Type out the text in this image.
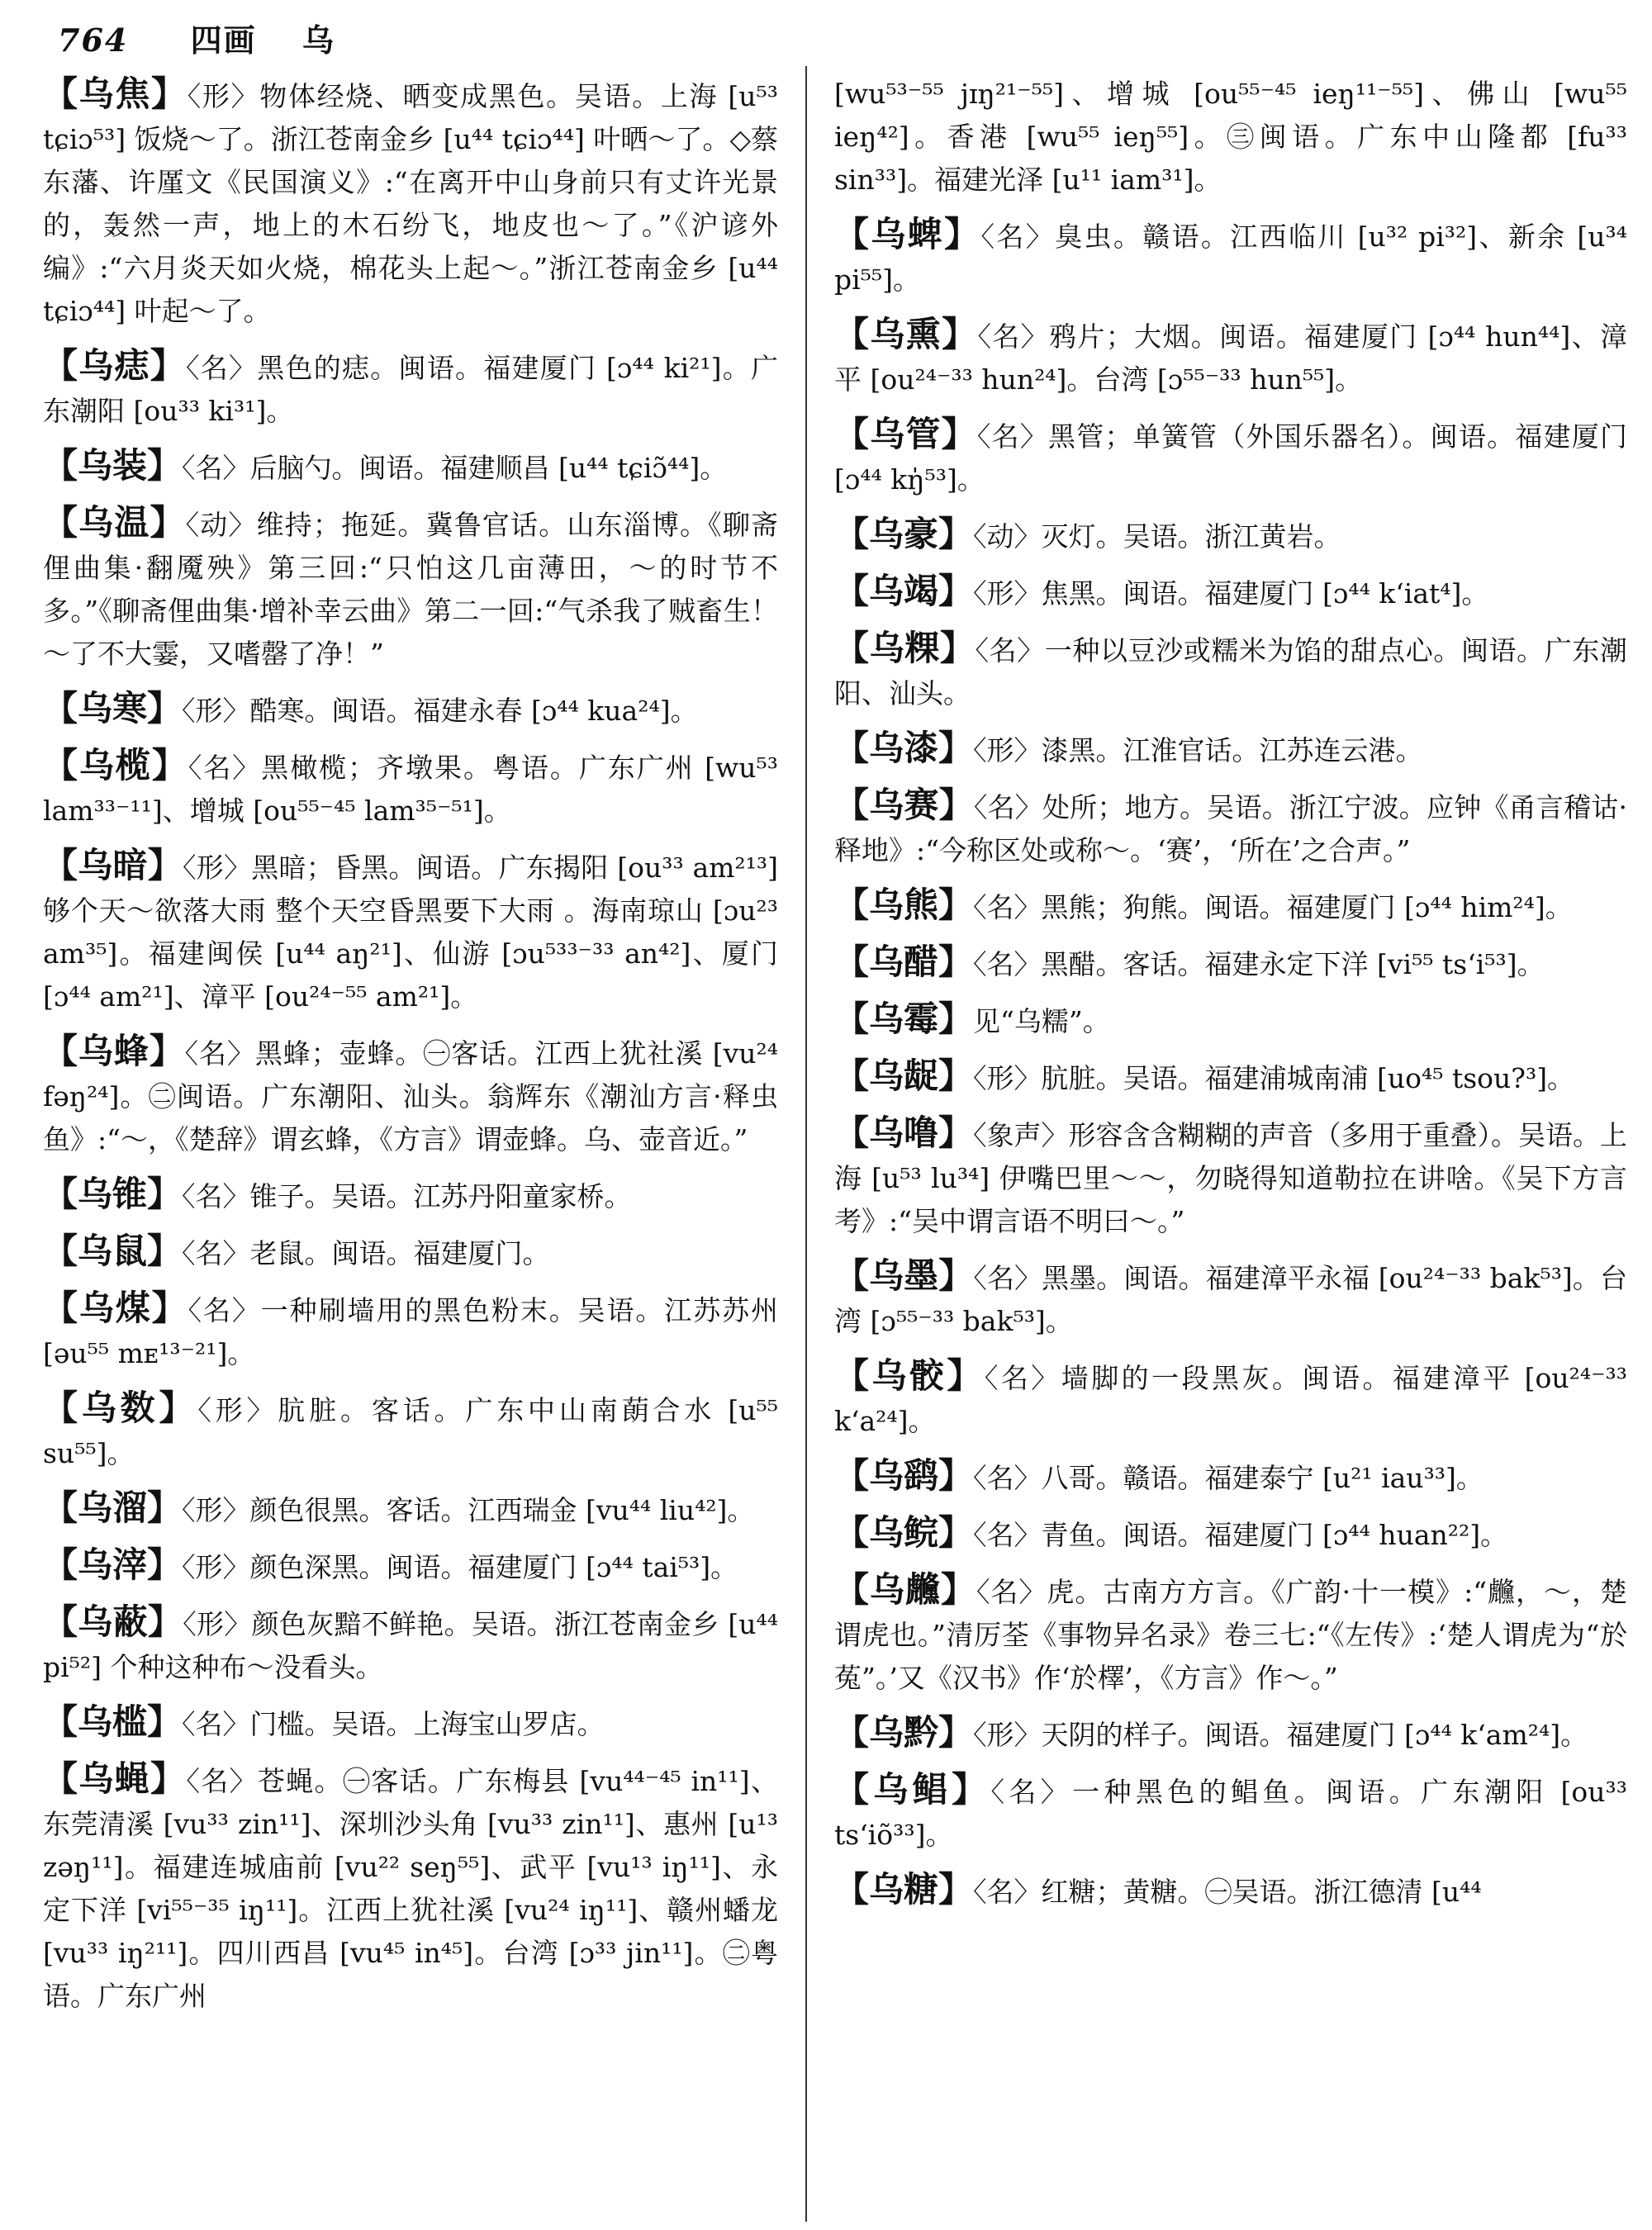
764 四画 乌

【乌焦】〈形〉物体经烧、晒变成黑色。吴语。上海 [u⁵³ tɕiɔ⁵³] 饭烧～了。浙江苍南金乡 [u⁴⁴ tɕiɔ⁴⁴] 叶晒～了。◇蔡东藩、许厪文《民国演义》:“在离开中山身前只有丈许光景的，轰然一声，地上的木石纷飞，地皮也～了。”《沪谚外编》:“六月炎天如火烧，棉花头上起～。”浙江苍南金乡 [u⁴⁴ tɕiɔ⁴⁴] 叶起～了。

【乌痣】〈名〉黑色的痣。闽语。福建厦门 [ɔ⁴⁴ ki²¹]。广东潮阳 [ou³³ ki³¹]。

【乌装】〈名〉后脑勺。闽语。福建顺昌 [u⁴⁴ tɕiɔ̃⁴⁴]。

【乌温】〈动〉维持；拖延。冀鲁官话。山东淄博。《聊斋俚曲集·翻魇殃》第三回:“只怕这几亩薄田，～的时节不多。”《聊斋俚曲集·增补幸云曲》第二一回:“气杀我了贼畜生！～了不大霎，又嗜罄了净！”

【乌寒】〈形〉酷寒。闽语。福建永春 [ɔ⁴⁴ kua²⁴]。

【乌榄】〈名〉黑橄榄；齐墩果。粤语。广东广州 [wu⁵³ lam³³⁻¹¹]、增城 [ou⁵⁵⁻⁴⁵ lam³⁵⁻⁵¹]。

【乌暗】〈形〉黑暗；昏黑。闽语。广东揭阳 [ou³³ am²¹³] 够个天～欲落大雨 整个天空昏黑要下大雨 。海南琼山 [ɔu²³ am³⁵]。福建闽侯 [u⁴⁴ aŋ²¹]、仙游 [ɔu⁵³³⁻³³ an⁴²]、厦门 [ɔ⁴⁴ am²¹]、漳平 [ou²⁴⁻⁵⁵ am²¹]。

【乌蜂】〈名〉黑蜂；壶蜂。㊀客话。江西上犹社溪 [vu²⁴ fəŋ²⁴]。㊁闽语。广东潮阳、汕头。翁辉东《潮汕方言·释虫鱼》:“～，《楚辞》谓玄蜂，《方言》谓壶蜂。乌、壶音近。”

【乌锥】〈名〉锥子。吴语。江苏丹阳童家桥。

【乌鼠】〈名〉老鼠。闽语。福建厦门。

【乌煤】〈名〉一种刷墙用的黑色粉末。吴语。江苏苏州 [əu⁵⁵ mᴇ¹³⁻²¹]。

【乌数】〈形〉肮脏。客话。广东中山南蓢合水 [u⁵⁵ su⁵⁵]。

【乌溜】〈形〉颜色很黑。客话。江西瑞金 [vu⁴⁴ liu⁴²]。

【乌滓】〈形〉颜色深黑。闽语。福建厦门 [ɔ⁴⁴ tai⁵³]。

【乌蔽】〈形〉颜色灰黯不鲜艳。吴语。浙江苍南金乡 [u⁴⁴ pi⁵²] 个种这种布～没看头。

【乌槛】〈名〉门槛。吴语。上海宝山罗店。

【乌蝇】〈名〉苍蝇。㊀客话。广东梅县 [vu⁴⁴⁻⁴⁵ in¹¹]、东莞清溪 [vu³³ zin¹¹]、深圳沙头角 [vu³³ zin¹¹]、惠州 [u¹³ zəŋ¹¹]。福建连城庙前 [vu²² seŋ⁵⁵]、武平 [vu¹³ iŋ¹¹]、永定下洋 [vi⁵⁵⁻³⁵ iŋ¹¹]。江西上犹社溪 [vu²⁴ iŋ¹¹]、赣州蟠龙 [vu³³ iŋ²¹¹]。四川西昌 [vu⁴⁵ in⁴⁵]。台湾 [ɔ³³ jin¹¹]。㊁粤语。广东广州

[wu⁵³⁻⁵⁵ jɪŋ²¹⁻⁵⁵]、增城 [ou⁵⁵⁻⁴⁵ ieŋ¹¹⁻⁵⁵]、佛山 [wu⁵⁵ ieŋ⁴²]。香港 [wu⁵⁵ ieŋ⁵⁵]。㊂闽语。广东中山隆都 [fu³³ sin³³]。福建光泽 [u¹¹ iam³¹]。

【乌蜱】〈名〉臭虫。赣语。江西临川 [u³² pi³²]、新余 [u³⁴ pi⁵⁵]。

【乌熏】〈名〉鸦片；大烟。闽语。福建厦门 [ɔ⁴⁴ hun⁴⁴]、漳平 [ou²⁴⁻³³ hun²⁴]。台湾 [ɔ⁵⁵⁻³³ hun⁵⁵]。

【乌管】〈名〉黑管；单簧管（外国乐器名）。闽语。福建厦门 [ɔ⁴⁴ kŋ̍⁵³]。

【乌豪】〈动〉灭灯。吴语。浙江黄岩。

【乌竭】〈形〉焦黑。闽语。福建厦门 [ɔ⁴⁴ k‘iat⁴]。

【乌粿】〈名〉一种以豆沙或糯米为馅的甜点心。闽语。广东潮阳、汕头。

【乌漆】〈形〉漆黑。江淮官话。江苏连云港。

【乌赛】〈名〉处所；地方。吴语。浙江宁波。应钟《甬言稽诂·释地》:“今称区处或称～。‘赛’，‘所在’之合声。”

【乌熊】〈名〉黑熊；狗熊。闽语。福建厦门 [ɔ⁴⁴ him²⁴]。

【乌醋】〈名〉黑醋。客话。福建永定下洋 [vi⁵⁵ ts‘i⁵³]。

【乌霉】见“乌糯”。

【乌龊】〈形〉肮脏。吴语。福建浦城南浦 [uo⁴⁵ tsou?³]。

【乌噜】〈象声〉形容含含糊糊的声音（多用于重叠）。吴语。上海 [u⁵³ lu³⁴] 伊嘴巴里～～，勿晓得知道勒拉在讲啥。《吴下方言考》:“吴中谓言语不明曰～。”

【乌墨】〈名〉黑墨。闽语。福建漳平永福 [ou²⁴⁻³³ bak⁵³]。台湾 [ɔ⁵⁵⁻³³ bak⁵³]。

【乌骹】〈名〉墙脚的一段黑灰。闽语。福建漳平 [ou²⁴⁻³³ k‘a²⁴]。

【乌鹞】〈名〉八哥。赣语。福建泰宁 [u²¹ iau³³]。

【乌鲩】〈名〉青鱼。闽语。福建厦门 [ɔ⁴⁴ huan²²]。

【乌虪】〈名〉虎。古南方方言。《广韵·十一模》:“虪，～，楚谓虎也。”清厉荃《事物异名录》卷三七:“《左传》:‘楚人谓虎为“於菟”。’又《汉书》作‘於檡’，《方言》作～。”

【乌黔】〈形〉天阴的样子。闽语。福建厦门 [ɔ⁴⁴ k‘am²⁴]。

【乌鲳】〈名〉一种黑色的鲳鱼。闽语。广东潮阳 [ou³³ ts‘iõ³³]。

【乌糖】〈名〉红糖；黄糖。㊀吴语。浙江德清 [u⁴⁴
